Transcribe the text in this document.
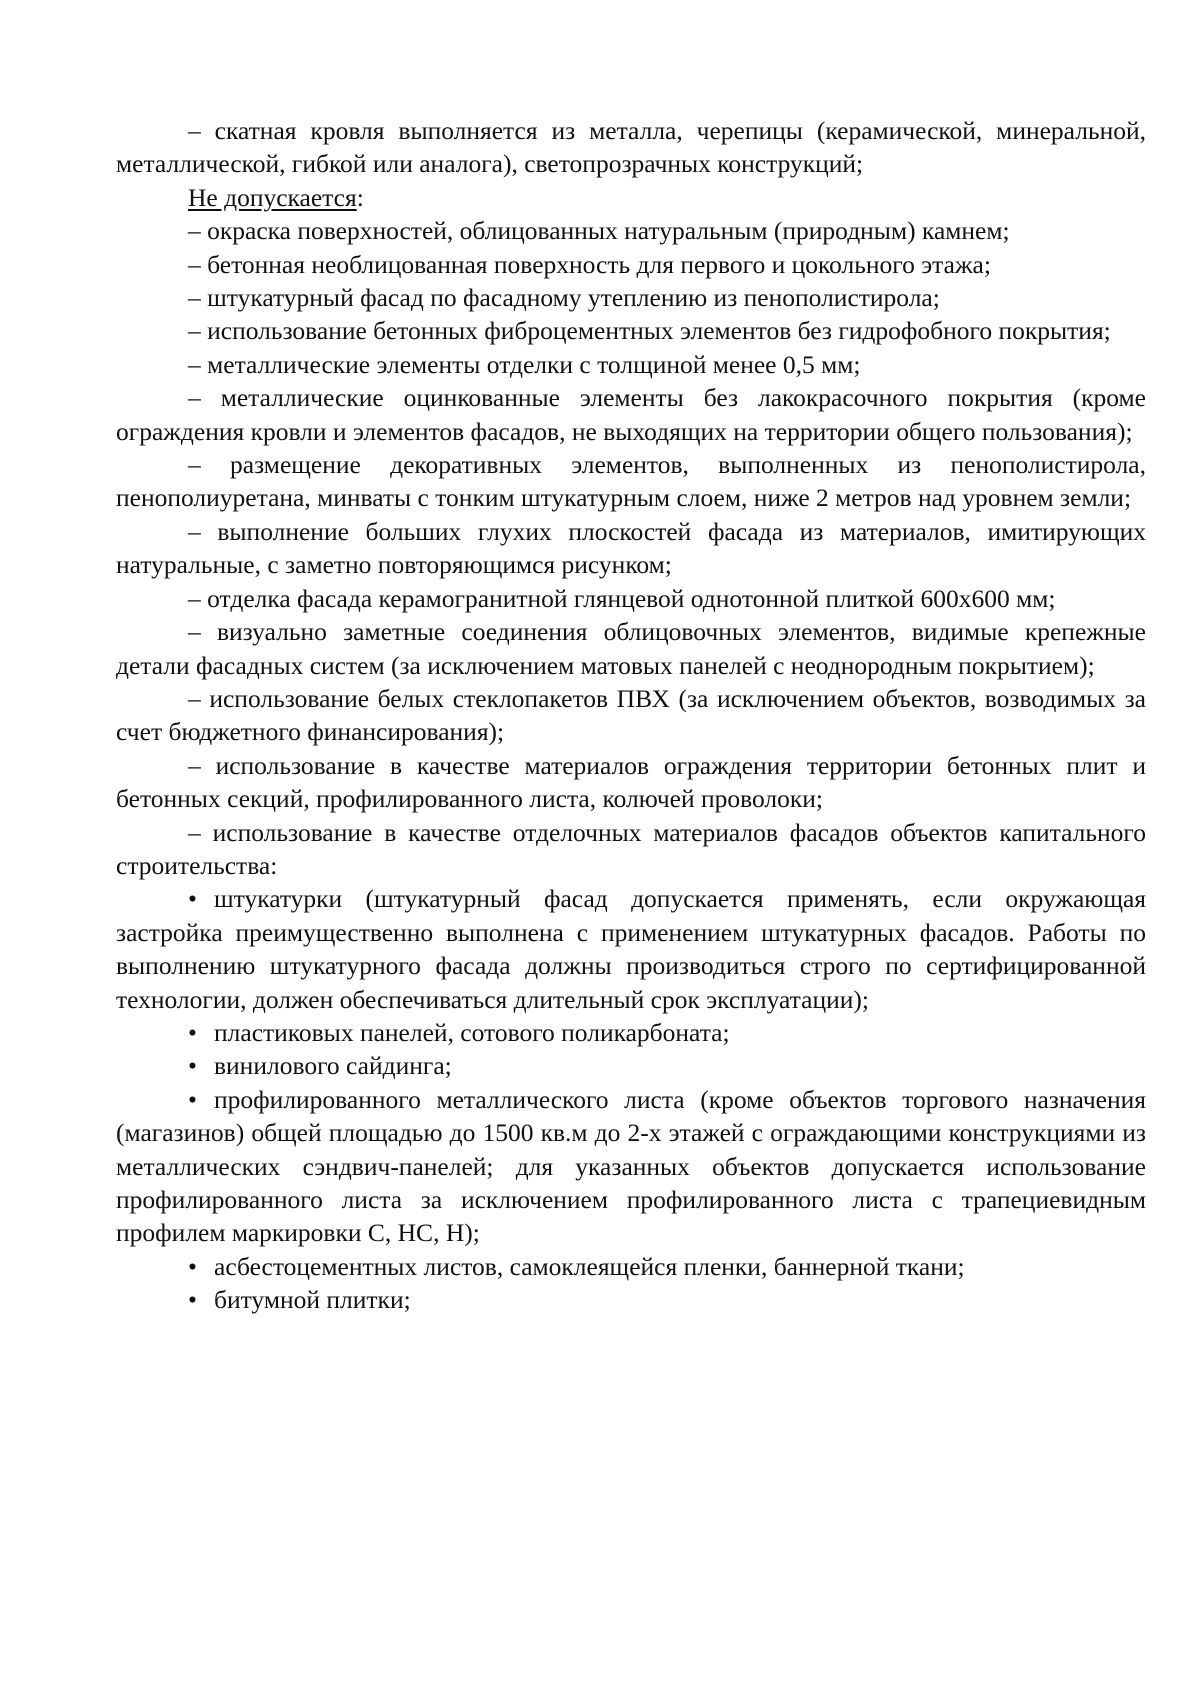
– скатная кровля выполняется из металла, черепицы (керамической, минеральной, металлической, гибкой или аналога), светопрозрачных конструкций;

Не допускается:

– окраска поверхностей, облицованных натуральным (природным) камнем;

– бетонная необлицованная поверхность для первого и цокольного этажа;

– штукатурный фасад по фасадному утеплению из пенополистирола;

– использование бетонных фиброцементных элементов без гидрофобного покрытия;

– металлические элементы отделки с толщиной менее 0,5 мм;

– металлические оцинкованные элементы без лакокрасочного покрытия (кроме ограждения кровли и элементов фасадов, не выходящих на территории общего пользования);

– размещение декоративных элементов, выполненных из пенополистирола, пенополиуретана, минваты с тонким штукатурным слоем, ниже 2 метров над уровнем земли;

– выполнение больших глухих плоскостей фасада из материалов, имитирующих натуральные, с заметно повторяющимся рисунком;

– отделка фасада керамогранитной глянцевой однотонной плиткой 600х600 мм;

– визуально заметные соединения облицовочных элементов, видимые крепежные детали фасадных систем (за исключением матовых панелей с неоднородным покрытием);

– использование белых стеклопакетов ПВХ (за исключением объектов, возводимых за счет бюджетного финансирования);

– использование в качестве материалов ограждения территории бетонных плит и бетонных секций, профилированного листа, колючей проволоки;

– использование в качестве отделочных материалов фасадов объектов капитального строительства:

• штукатурки (штукатурный фасад допускается применять, если окружающая застройка преимущественно выполнена с применением штукатурных фасадов. Работы по выполнению штукатурного фасада должны производиться строго по сертифицированной технологии, должен обеспечиваться длительный срок эксплуатации);

• пластиковых панелей, сотового поликарбоната;

• винилового сайдинга;

• профилированного металлического листа (кроме объектов торгового назначения (магазинов) общей площадью до 1500 кв.м до 2-х этажей с ограждающими конструкциями из металлических сэндвич-панелей; для указанных объектов допускается использование профилированного листа за исключением профилированного листа с трапециевидным профилем маркировки С, НС, Н);

• асбестоцементных листов, самоклеящейся пленки, баннерной ткани;

• битумной плитки;
